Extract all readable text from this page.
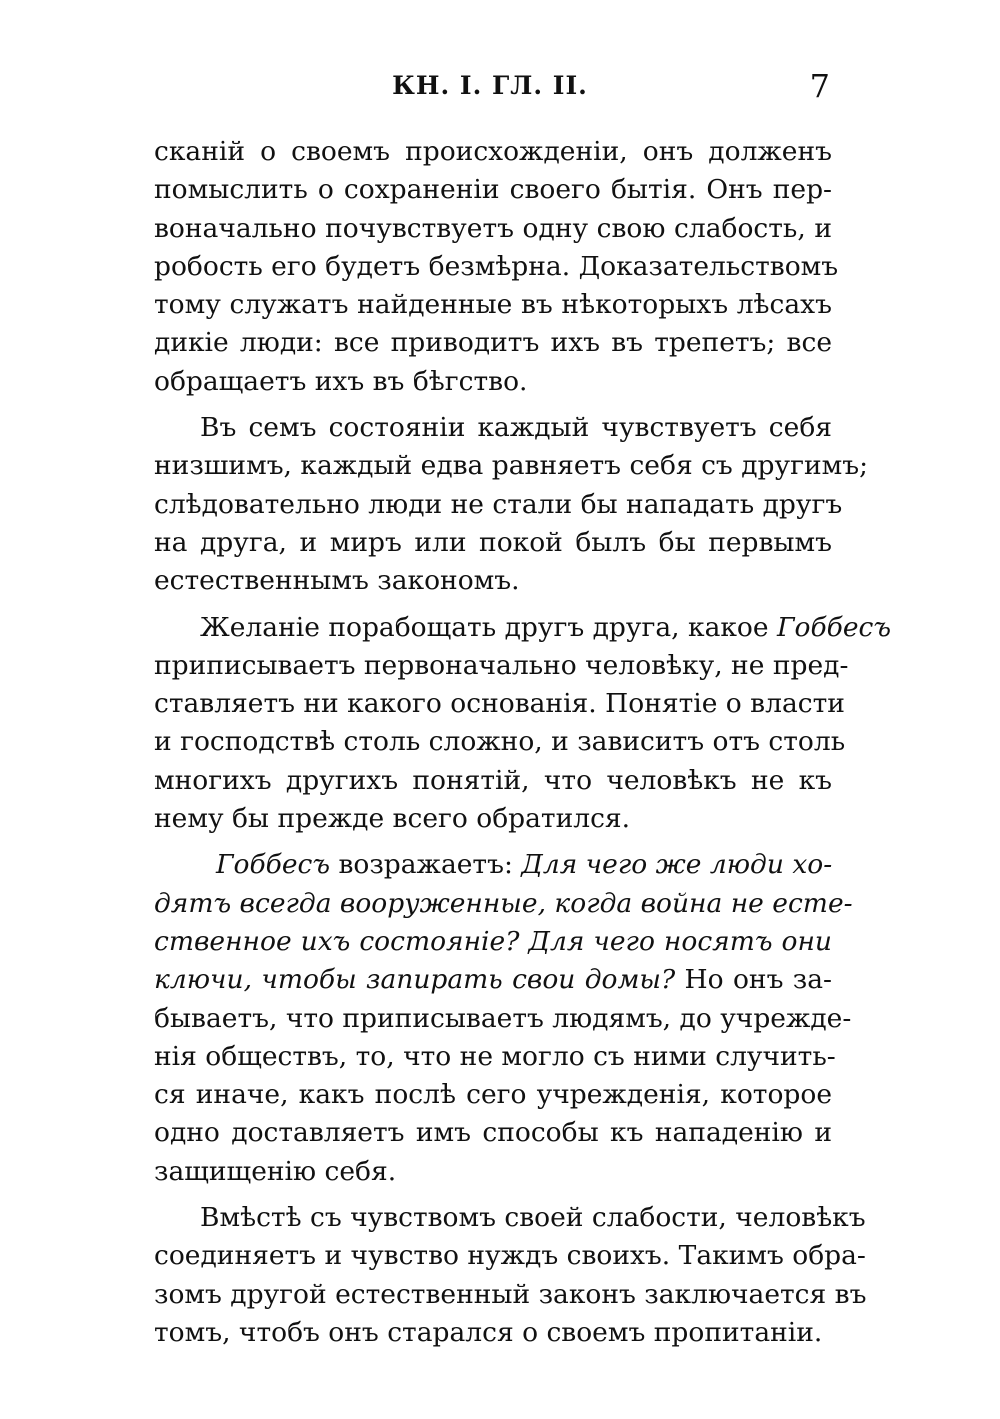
КН. I. ГЛ. II.	7
сканій о своемъ происхожденіи, онъ долженъ
помыслить о сохраненіи своего бытія. Онъ пер-
воначально почувствуетъ одну свою слабость, и
робость его будетъ безмѣрна. Доказательствомъ
тому служатъ найденные въ нѣкоторыхъ лѣсахъ
дикіе люди: все приводитъ ихъ въ трепетъ; все
обращаетъ ихъ въ бѣгство.
Въ семъ состояніи каждый чувствуетъ себя
низшимъ, каждый едва равняетъ себя съ другимъ;
слѣдовательно люди не стали бы нападать другъ
на друга, и миръ или покой былъ бы первымъ
естественнымъ закономъ.
Желаніе порабощать другъ друга, какое Гоббесъ
приписываетъ первоначально человѣку, не пред-
ставляетъ ни какого основанія. Понятіе о власти
и господствѣ столь сложно, и зависитъ отъ столь
многихъ другихъ понятій, что человѣкъ не къ
нему бы прежде всего обратился.
Гоббесъ возражаетъ: Для чего же люди хо-
дятъ всегда вооруженные, когда война не есте-
ственное ихъ состояніе? Для чего носятъ они
ключи, чтобы запирать свои домы? Но онъ за-
бываетъ, что приписываетъ людямъ, до учрежде-
нія обществъ, то, что не могло съ ними случить-
ся иначе, какъ послѣ сего учрежденія, которое
одно доставляетъ имъ способы къ нападенію и
защищенію себя.
Вмѣстѣ съ чувствомъ своей слабости, человѣкъ
соединяетъ и чувство нуждъ своихъ. Такимъ обра-
зомъ другой естественный законъ заключается въ
томъ, чтобъ онъ старался о своемъ пропитаніи.
